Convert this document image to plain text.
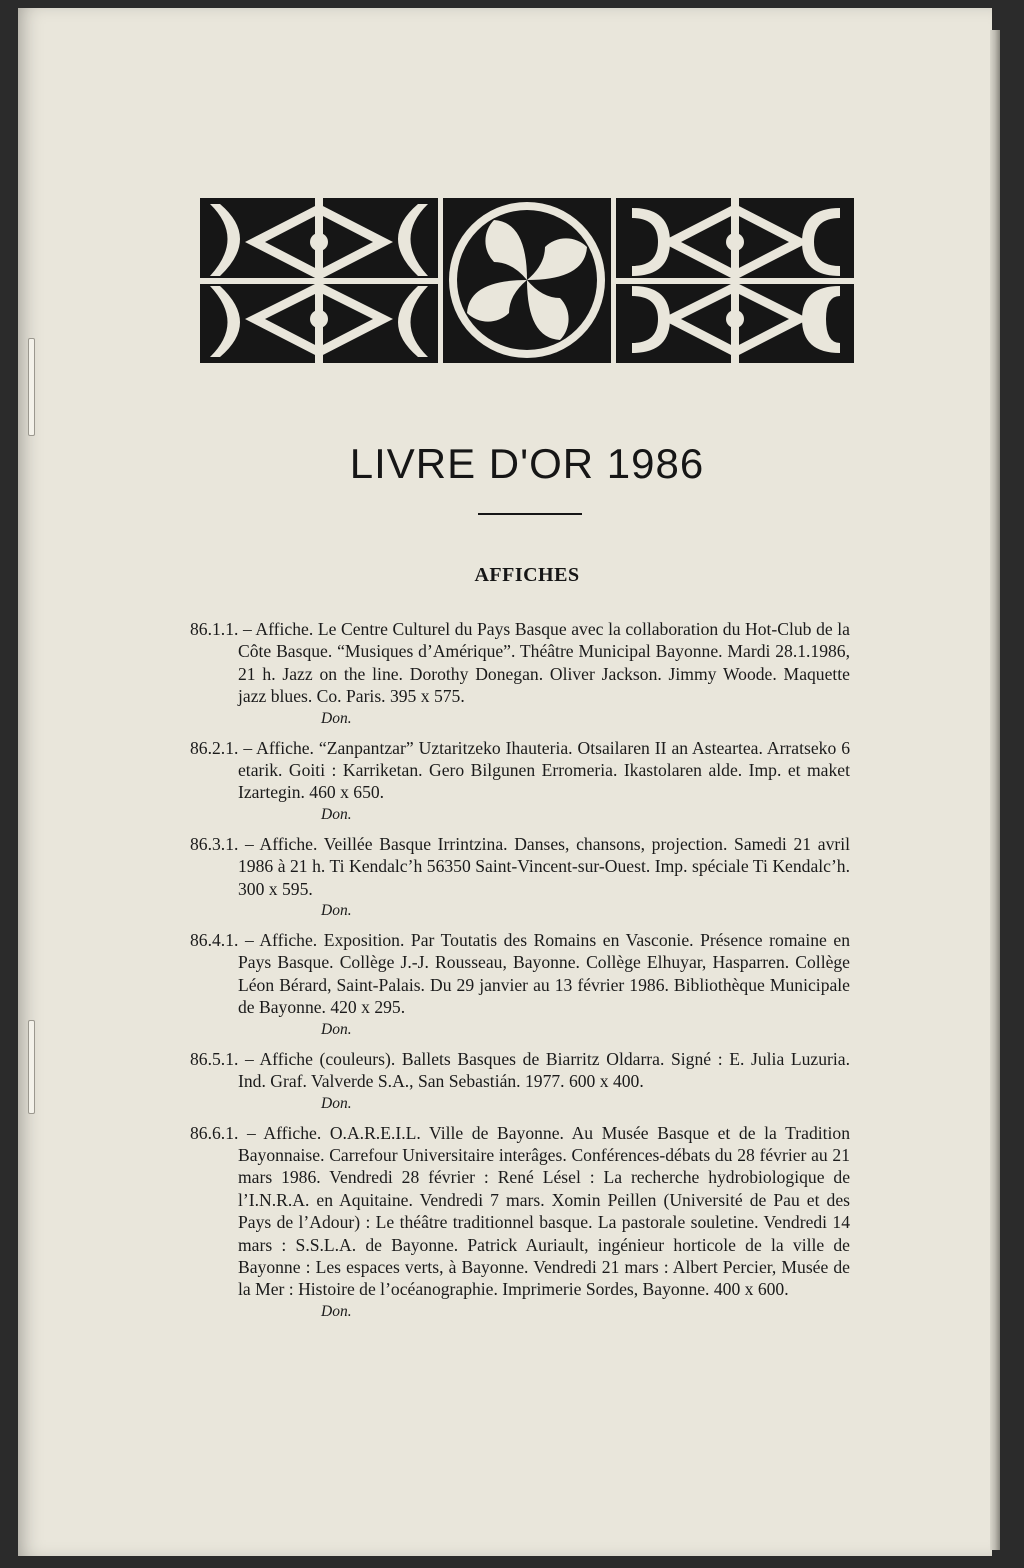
LIVRE D'OR 1986
AFFICHES

86.1.1. – Affiche. Le Centre Culturel du Pays Basque avec la collaboration du Hot-Club de la Côte Basque. “Musiques d’Amérique”. Théâtre Municipal Bayonne. Mardi 28.1.1986, 21 h. Jazz on the line. Dorothy Donegan. Oliver Jackson. Jimmy Woode. Maquette jazz blues. Co. Paris. 395 x 575.

Don.

86.2.1. – Affiche. “Zanpantzar” Uztaritzeko Ihauteria. Otsailaren II an Asteartea. Arratseko 6 etarik. Goiti : Karriketan. Gero Bilgunen Erromeria. Ikastolaren alde. Imp. et maket Izartegin. 460 x 650.

Don.

86.3.1. – Affiche. Veillée Basque Irrintzina. Danses, chansons, projection. Samedi 21 avril 1986 à 21 h. Ti Kendalc’h 56350 Saint-Vincent-sur-Ouest. Imp. spéciale Ti Kendalc’h. 300 x 595.

Don.

86.4.1. – Affiche. Exposition. Par Toutatis des Romains en Vasconie. Présence romaine en Pays Basque. Collège J.-J. Rousseau, Bayonne. Collège Elhuyar, Hasparren. Collège Léon Bérard, Saint-Palais. Du 29 janvier au 13 février 1986. Bibliothèque Municipale de Bayonne. 420 x 295.

Don.

86.5.1. – Affiche (couleurs). Ballets Basques de Biarritz Oldarra. Signé : E. Julia Luzuria. Ind. Graf. Valverde S.A., San Sebastián. 1977. 600 x 400.

Don.

86.6.1. – Affiche. O.A.R.E.I.L. Ville de Bayonne. Au Musée Basque et de la Tradition Bayonnaise. Carrefour Universitaire interâges. Conférences-débats du 28 février au 21 mars 1986. Vendredi 28 février : René Lésel : La recherche hydrobiologique de l’I.N.R.A. en Aquitaine. Vendredi 7 mars. Xomin Peillen (Université de Pau et des Pays de l’Adour) : Le théâtre traditionnel basque. La pastorale souletine. Vendredi 14 mars : S.S.L.A. de Bayonne. Patrick Auriault, ingénieur horticole de la ville de Bayonne : Les espaces verts, à Bayonne. Vendredi 21 mars : Albert Percier, Musée de la Mer : Histoire de l’océanographie. Imprimerie Sordes, Bayonne. 400 x 600.

Don.
